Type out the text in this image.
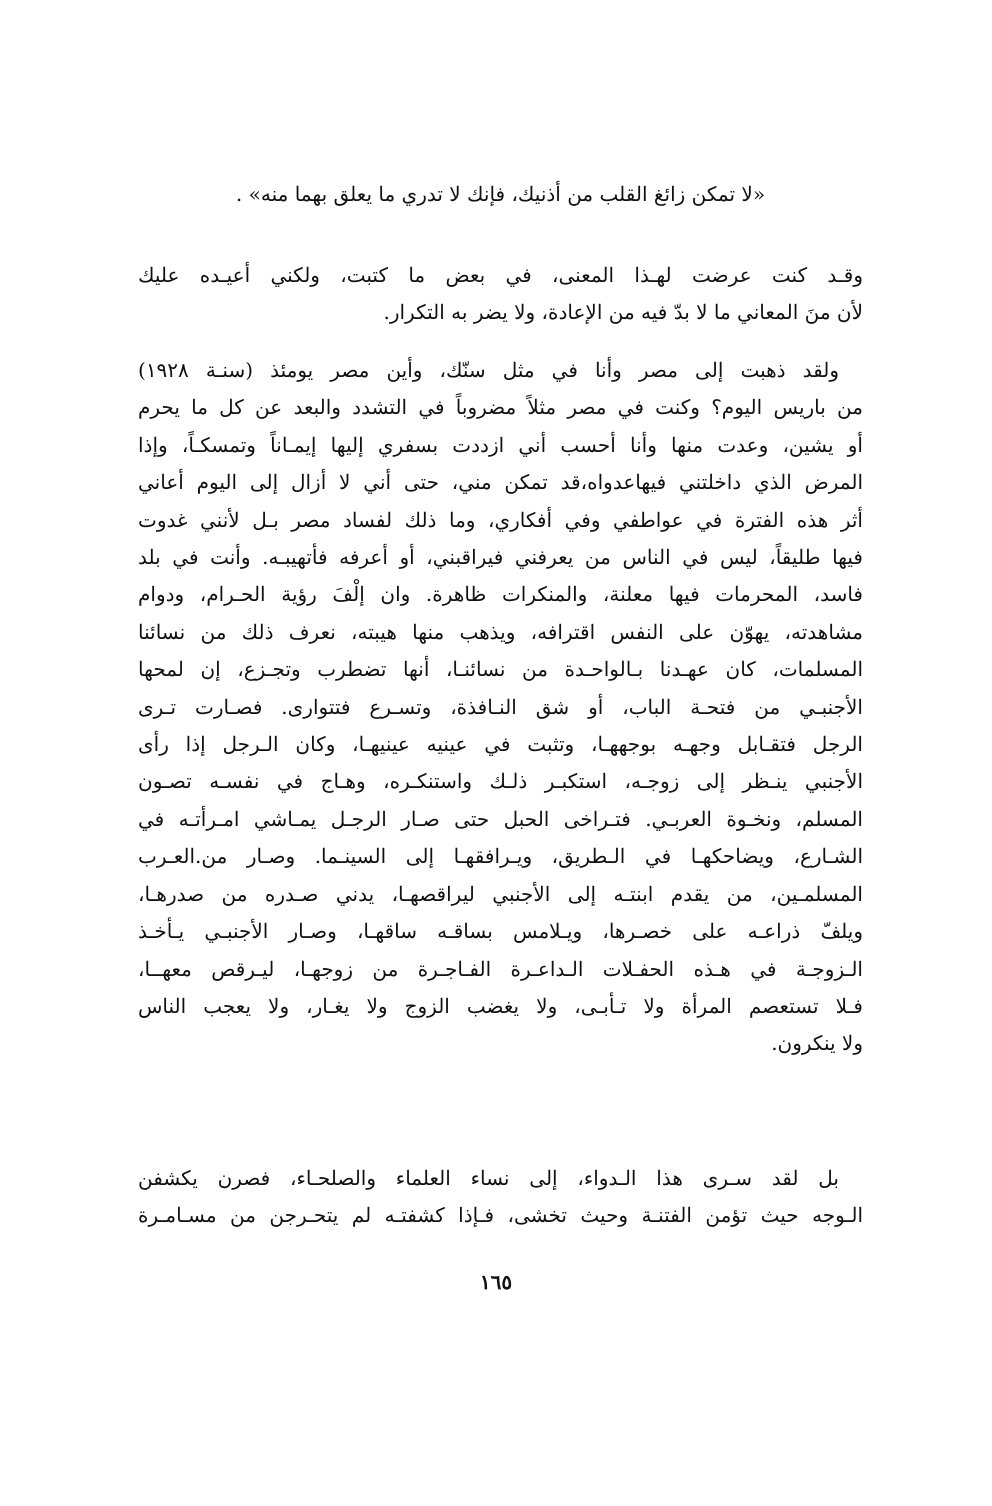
«لا تمكن زائغ القلب من أذنيك، فإنك لا تدري ما يعلق بهما منه» .
وقـد كنت عرضت لهـذا المعنى، في بعض ما كتبت، ولكني أعيـده عليك
لأن منَ المعاني ما لا بدّ فيه من الإعادة، ولا يضر به التكرار.
ولقد ذهبت إلى مصر وأنا في مثل سنّك، وأين مصر يومئذ (سنـة ١٩٢٨)
من باريس اليوم؟ وكنت في مصر مثلاً مضروباً في التشدد والبعد عن كل ما يحرم
أو يشين، وعدت منها وأنا أحسب أني ازددت بسفري إليها إيمـاناً وتمسكـاً، وإذا
المرض الذي داخلتني فيهاعدواه،قد تمكن مني، حتى أني لا أزال إلى اليوم أعاني
أثر هذه الفترة في عواطفي وفي أفكاري، وما ذلك لفساد مصر بـل لأنني غدوت
فيها طليقاً، ليس في الناس من يعرفني فيراقبني، أو أعرفه فأتهيبـه. وأنت في بلد
فاسد، المحرمات فيها معلنة، والمنكرات ظاهرة. وان إلْفَ رؤية الحـرام، ودوام
مشاهدته، يهوّن على النفس اقترافه، ويذهب منها هيبته، نعرف ذلك من نسائنا
المسلمات، كان عهـدنا بـالواحـدة من نسائنـا، أنها تضطرب وتجـزع، إن لمحها
الأجنبـي من فتحـة الباب، أو شق النـافذة، وتسـرع فتتوارى. فصـارت تـرى
الرجل فتقـابل وجهـه بوجههـا، وتثبت في عينيه عينيهـا، وكان الـرجل إذا رأى
الأجنبي ينـظر إلى زوجـه، استكبـر ذلـك واستنكـره، وهـاج في نفسـه تصـون
المسلم، ونخـوة العربـي. فتـراخى الحبل حتى صـار الرجـل يمـاشي امـرأتـه في
الشـارع، ويضاحكهـا في الـطريق، ويـرافقهـا إلى السينـما. وصـار من.العـرب
المسلمـين، من يقدم ابنتـه إلى الأجنبي ليراقصهـا، يدني صـدره من صدرهـا،
ويلفّ ذراعـه على خصـرها، ويـلامس بساقـه ساقهـا، وصـار الأجنبـي يـأخـذ
الـزوجـة في هـذه الحفـلات الـداعـرة الفـاجـرة من زوجهـا، ليـرقص معهــا،
فـلا تستعصم المرأة ولا تـأبـى، ولا يغضب الزوج ولا يغـار، ولا يعجب الناس
ولا ينكرون.
بل لقد سـرى هذا الـدواء، إلى نساء العلماء والصلحـاء، فصرن يكشفن
الـوجه حيث تؤمن الفتنـة وحيث تخشى، فـإذا كشفتـه لم يتحـرجن من مسـامـرة
١٦٥
